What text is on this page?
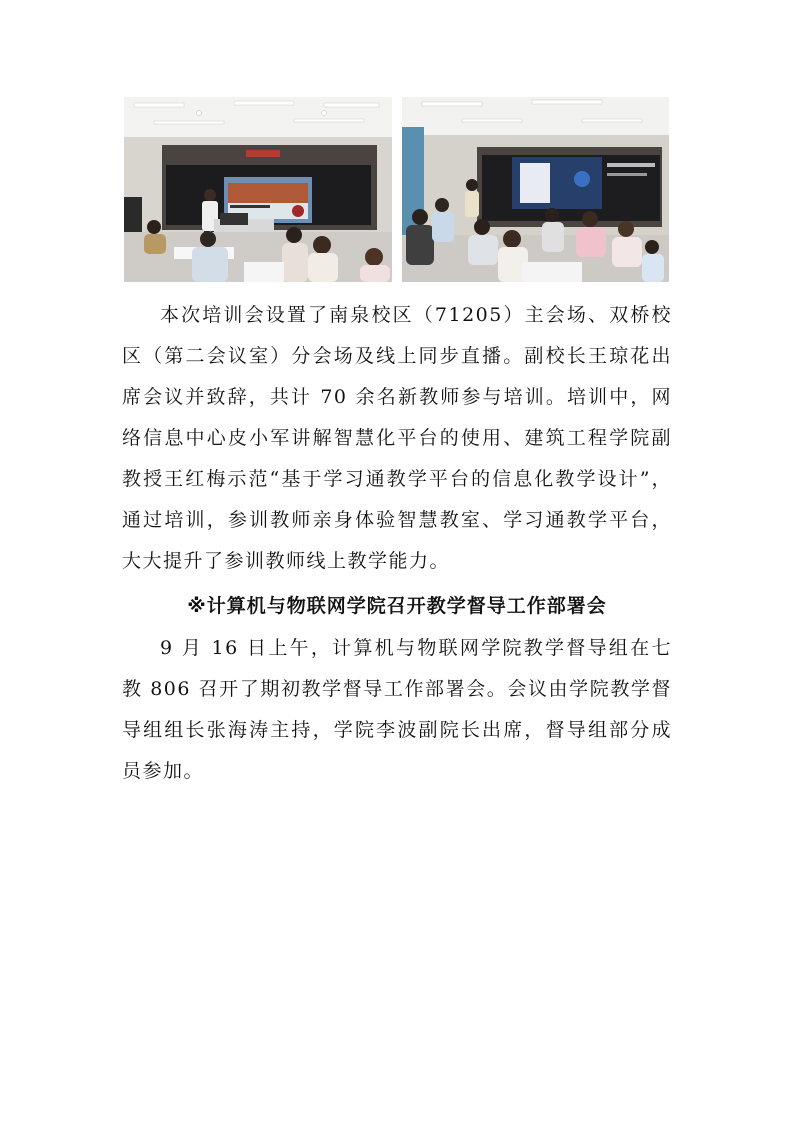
本次培训会设置了南泉校区（71205）主会场、双桥校区（第二会议室）分会场及线上同步直播。副校长王琼花出席会议并致辞，共计 70 余名新教师参与培训。培训中，网络信息中心皮小军讲解智慧化平台的使用、建筑工程学院副教授王红梅示范“基于学习通教学平台的信息化教学设计”，通过培训，参训教师亲身体验智慧教室、学习通教学平台，大大提升了参训教师线上教学能力。

※计算机与物联网学院召开教学督导工作部署会

9 月 16 日上午，计算机与物联网学院教学督导组在七教 806 召开了期初教学督导工作部署会。会议由学院教学督导组组长张海涛主持，学院李波副院长出席，督导组部分成员参加。
